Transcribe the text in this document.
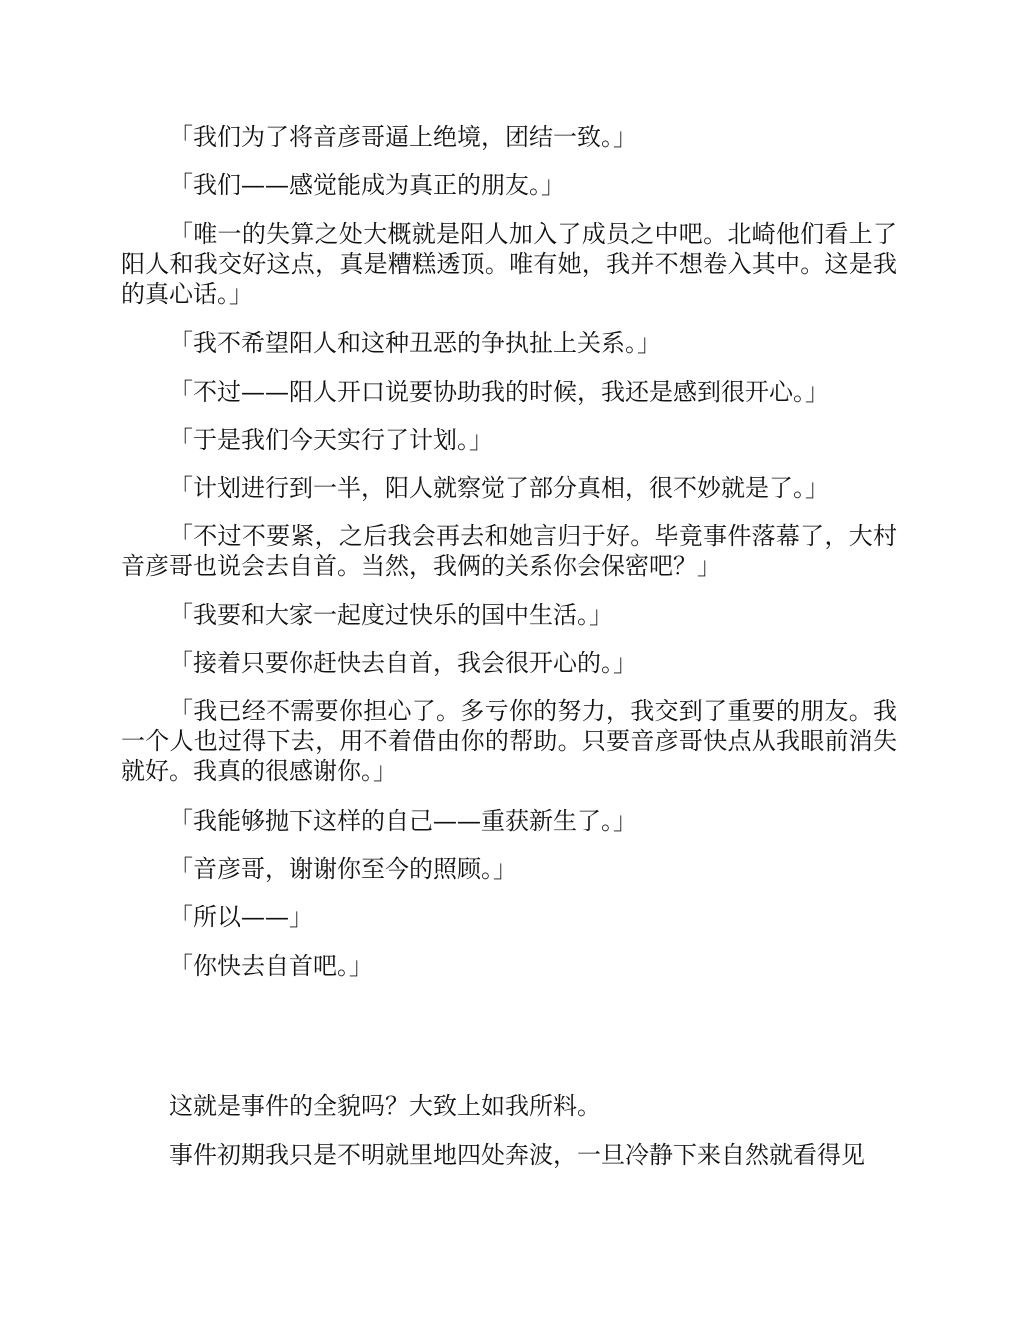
「我们为了将音彦哥逼上绝境，团结一致。」

「我们——感觉能成为真正的朋友。」

「唯一的失算之处大概就是阳人加入了成员之中吧。北崎他们看上了阳人和我交好这点，真是糟糕透顶。唯有她，我并不想卷入其中。这是我的真心话。」

「我不希望阳人和这种丑恶的争执扯上关系。」

「不过——阳人开口说要协助我的时候，我还是感到很开心。」

「于是我们今天实行了计划。」

「计划进行到一半，阳人就察觉了部分真相，很不妙就是了。」

「不过不要紧，之后我会再去和她言归于好。毕竟事件落幕了，大村音彦哥也说会去自首。当然，我俩的关系你会保密吧？」

「我要和大家一起度过快乐的国中生活。」

「接着只要你赶快去自首，我会很开心的。」

「我已经不需要你担心了。多亏你的努力，我交到了重要的朋友。我一个人也过得下去，用不着借由你的帮助。只要音彦哥快点从我眼前消失就好。我真的很感谢你。」

「我能够抛下这样的自己——重获新生了。」

「音彦哥，谢谢你至今的照顾。」

「所以——」

「你快去自首吧。」

这就是事件的全貌吗？大致上如我所料。

事件初期我只是不明就里地四处奔波，一旦冷静下来自然就看得见
